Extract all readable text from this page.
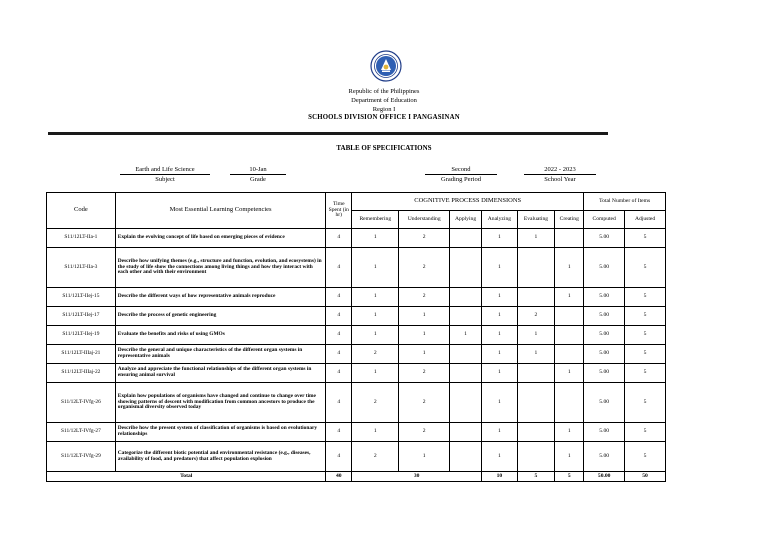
Republic of the Philippines
Department of Education
Region I
SCHOOLS DIVISION OFFICE I PANGASINAN
TABLE OF SPECIFICATIONS
Earth and Life Science
Subject
10-Jan
Grade
Second
Grading Period
2022 - 2023
School Year
Code	Most Essential Learning Competencies	Time Spent (in hr)	COGNITIVE PROCESS DIMENSIONS						Total Number of Items	
			Remembering	Understanding	Applying	Analyzing	Evaluating	Creating	Computed	Adjusted
S11/12LT-IIa-1	Explain the evolving concept of life based on emerging pieces of evidence	4	1	2		1	1		5.00	5
S11/12LT-IIa-3	Describe how unifying themes (e.g., structure and function, evolution, and ecosystems) in the study of life show the connections among living things and how they interact with each other and with their environment	4	1	2		1		1	5.00	5
S11/12LT-IIej-15	Describe the different ways of how representative animals reproduce	4	1	2		1		1	5.00	5
S11/12LT-IIej-17	Describe the process of genetic engineering	4	1	1		1	2		5.00	5
S11/12LT-IIej-19	Evaluate the benefits and risks of using GMOs	4	1	1	1	1	1		5.00	5
S11/12LT-IIIaj-21	Describe the general and unique characteristics of the different organ systems in representative animals	4	2	1		1	1		5.00	5
S11/12LT-IIIaj-22	Analyze and appreciate the functional relationships of the different organ systems in ensuring animal survival	4	1	2		1		1	5.00	5
S11/12LT-IVfg-26	Explain how populations of organisms have changed and continue to change over time showing patterns of descent with modification from common ancestors to produce the organismal diversity observed today	4	2	2		1			5.00	5
S11/12LT-IVfg-27	Describe how the present system of classification of organisms is based on evolutionary relationships	4	1	2		1		1	5.00	5
S11/12LT-IVfg-29	Categorize the different biotic potential and environmental resistance (e.g., diseases, availability of food, and predators) that affect population explosion	4	2	1		1		1	5.00	5
Total		40	30			10	5	5	50.00	50
